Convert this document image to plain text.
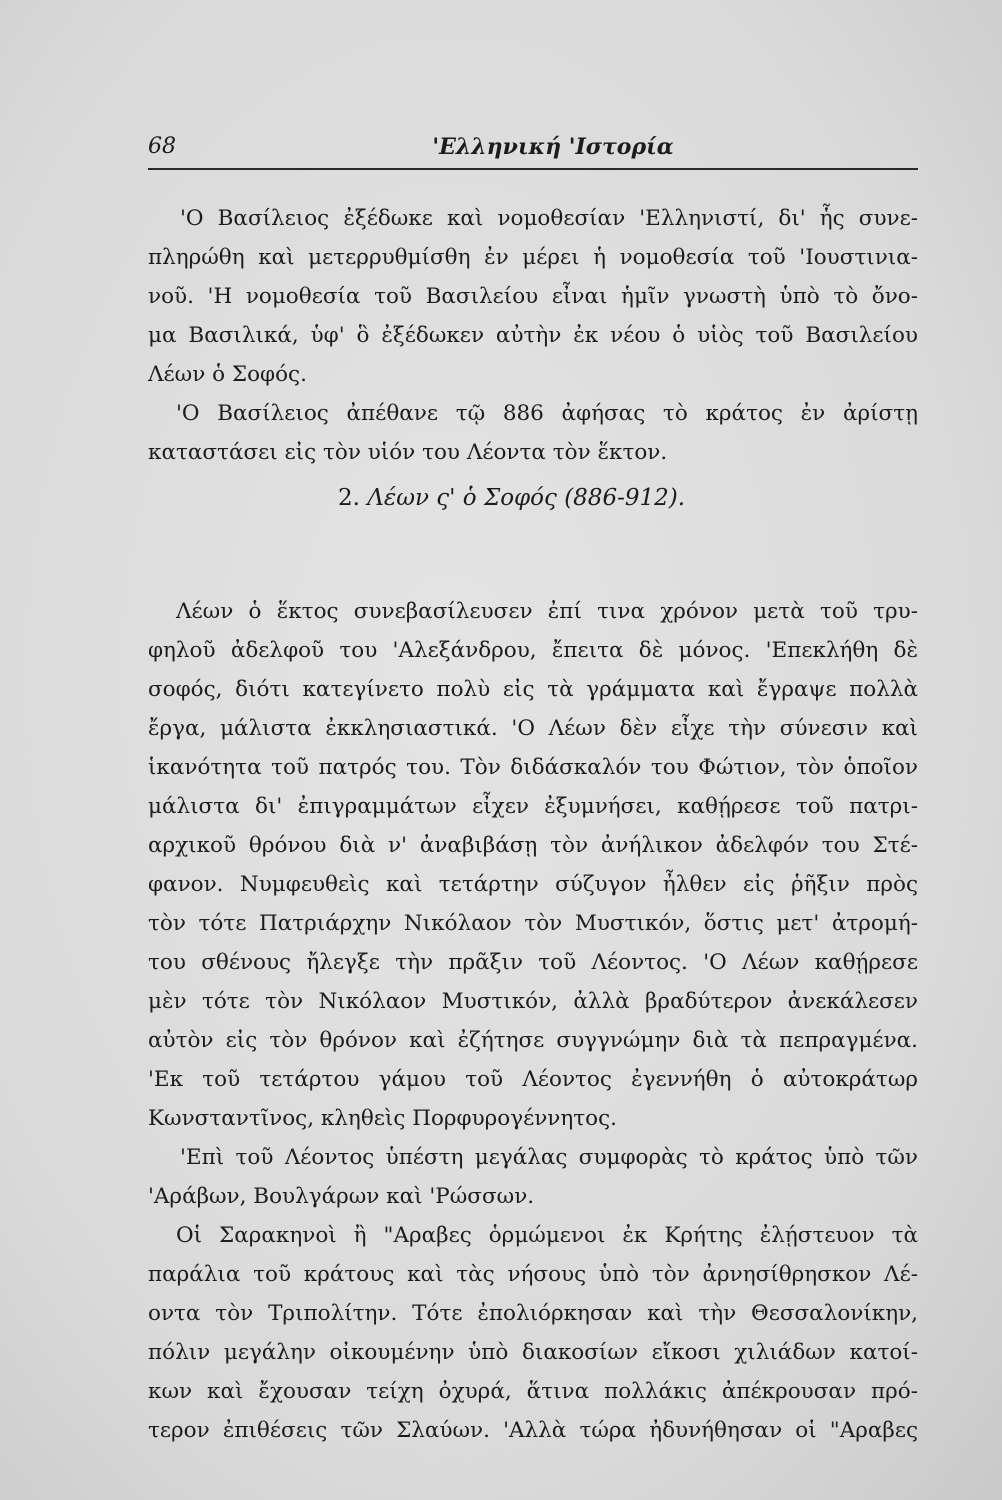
68	'Ελληνική 'Ιστορία
'Ο Βασίλειος ἐξέδωκε καὶ νομοθεσίαν 'Ελληνιστί, δι' ἧς συνε-
πληρώθη καὶ μετερρυθμίσθη ἐν μέρει ἡ νομοθεσία τοῦ 'Ιουστινια-
νοῦ. 'Η νομοθεσία τοῦ Βασιλείου εἶναι ἡμῖν γνωστὴ ὑπὸ τὸ ὄνο-
μα Βασιλικά, ὑφ' ὃ ἐξέδωκεν αὐτὴν ἐκ νέου ὁ υἱὸς τοῦ Βασιλείου
Λέων ὁ Σοφός.
'Ο Βασίλειος ἀπέθανε τῷ 886 ἀφήσας τὸ κράτος ἐν ἀρίστῃ
καταστάσει εἰς τὸν υἱόν του Λέοντα τὸν ἕκτον.
2. Λέων ς' ὁ Σοφός (886-912).
Λέων ὁ ἕκτος συνεβασίλευσεν ἐπί τινα χρόνον μετὰ τοῦ τρυ-
φηλοῦ ἀδελφοῦ του 'Αλεξάνδρου, ἔπειτα δὲ μόνος. 'Επεκλήθη δὲ
σοφός, διότι κατεγίνετο πολὺ εἰς τὰ γράμματα καὶ ἔγραψε πολλὰ
ἔργα, μάλιστα ἐκκλησιαστικά. 'Ο Λέων δὲν εἶχε τὴν σύνεσιν καὶ
ἱκανότητα τοῦ πατρός του. Τὸν διδάσκαλόν του Φώτιον, τὸν ὁποῖον
μάλιστα δι' ἐπιγραμμάτων εἶχεν ἐξυμνήσει, καθῄρεσε τοῦ πατρι-
αρχικοῦ θρόνου διὰ ν' ἀναβιβάσῃ τὸν ἀνήλικον ἀδελφόν του Στέ-
φανον. Νυμφευθεὶς καὶ τετάρτην σύζυγον ἦλθεν εἰς ῥῆξιν πρὸς
τὸν τότε Πατριάρχην Νικόλαον τὸν Μυστικόν, ὅστις μετ' ἀτρομή-
του σθένους ἤλεγξε τὴν πρᾶξιν τοῦ Λέοντος. 'Ο Λέων καθῄρεσε
μὲν τότε τὸν Νικόλαον Μυστικόν, ἀλλὰ βραδύτερον ἀνεκάλεσεν
αὐτὸν εἰς τὸν θρόνον καὶ ἐζήτησε συγγνώμην διὰ τὰ πεπραγμένα.
'Εκ τοῦ τετάρτου γάμου τοῦ Λέοντος ἐγεννήθη ὁ αὐτοκράτωρ
Κωνσταντῖνος, κληθεὶς Πορφυρογέννητος.
'Επὶ τοῦ Λέοντος ὑπέστη μεγάλας συμφορὰς τὸ κράτος ὑπὸ τῶν
'Αράβων, Βουλγάρων καὶ 'Ρώσσων.
Οἱ Σαρακηνοὶ ἢ "Αραβες ὁρμώμενοι ἐκ Κρήτης ἐλῄστευον τὰ
παράλια τοῦ κράτους καὶ τὰς νήσους ὑπὸ τὸν ἀρνησίθρησκον Λέ-
οντα τὸν Τριπολίτην. Τότε ἐπολιόρκησαν καὶ τὴν Θεσσαλονίκην,
πόλιν μεγάλην οἰκουμένην ὑπὸ διακοσίων εἴκοσι χιλιάδων κατοί-
κων καὶ ἔχουσαν τείχη ὀχυρά, ἅτινα πολλάκις ἀπέκρουσαν πρό-
τερον ἐπιθέσεις τῶν Σλαύων. 'Αλλὰ τώρα ἠδυνήθησαν οἱ "Αραβες
